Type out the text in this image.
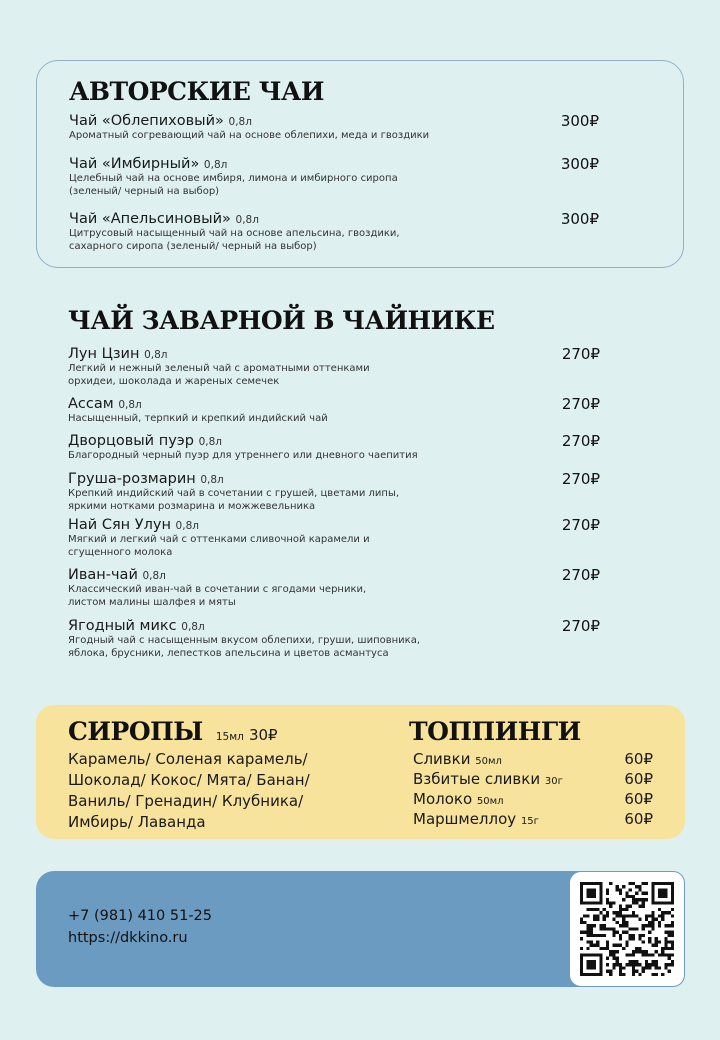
АВТОРСКИЕ ЧАИ
Чай «Облепиховый» 0,8л
Ароматный согревающий чай на основе облепихи, меда и гвоздики
300₽
Чай «Имбирный» 0,8л
Целебный чай на основе имбиря, лимона и имбирного сиропа
(зеленый/ черный на выбор)
300₽
Чай «Апельсиновый» 0,8л
Цитрусовый насыщенный чай на основе апельсина, гвоздики,
сахарного сиропа (зеленый/ черный на выбор)
300₽
ЧАЙ ЗАВАРНОЙ В ЧАЙНИКЕ
Лун Цзин 0,8л
Легкий и нежный зеленый чай с ароматными оттенками
орхидеи, шоколада и жареных семечек
270₽
Ассам 0,8л
Насыщенный, терпкий и крепкий индийский чай
270₽
Дворцовый пуэр 0,8л
Благородный черный пуэр для утреннего или дневного чаепития
270₽
Груша-розмарин 0,8л
Крепкий индийский чай в сочетании с грушей, цветами липы,
яркими нотками розмарина и можжевельника
270₽
Най Сян Улун 0,8л
Мягкий и легкий чай с оттенками сливочной карамели и
сгущенного молока
270₽
Иван-чай 0,8л
Классический иван-чай в сочетании с ягодами черники,
листом малины шалфея и мяты
270₽
Ягодный микс 0,8л
Ягодный чай с насыщенным вкусом облепихи, груши, шиповника,
яблока, брусники, лепестков апельсина и цветов асмантуса
270₽
СИРОПЫ 15мл 30₽
Карамель/ Соленая карамель/
Шоколад/ Кокос/ Мята/ Банан/
Ваниль/ Гренадин/ Клубника/
Имбирь/ Лаванда
ТОППИНГИ
Сливки 50мл	60₽
Взбитые сливки 30г	60₽
Молоко 50мл	60₽
Маршмеллоу 15г	60₽
+7 (981) 410 51-25
https://dkkino.ru
